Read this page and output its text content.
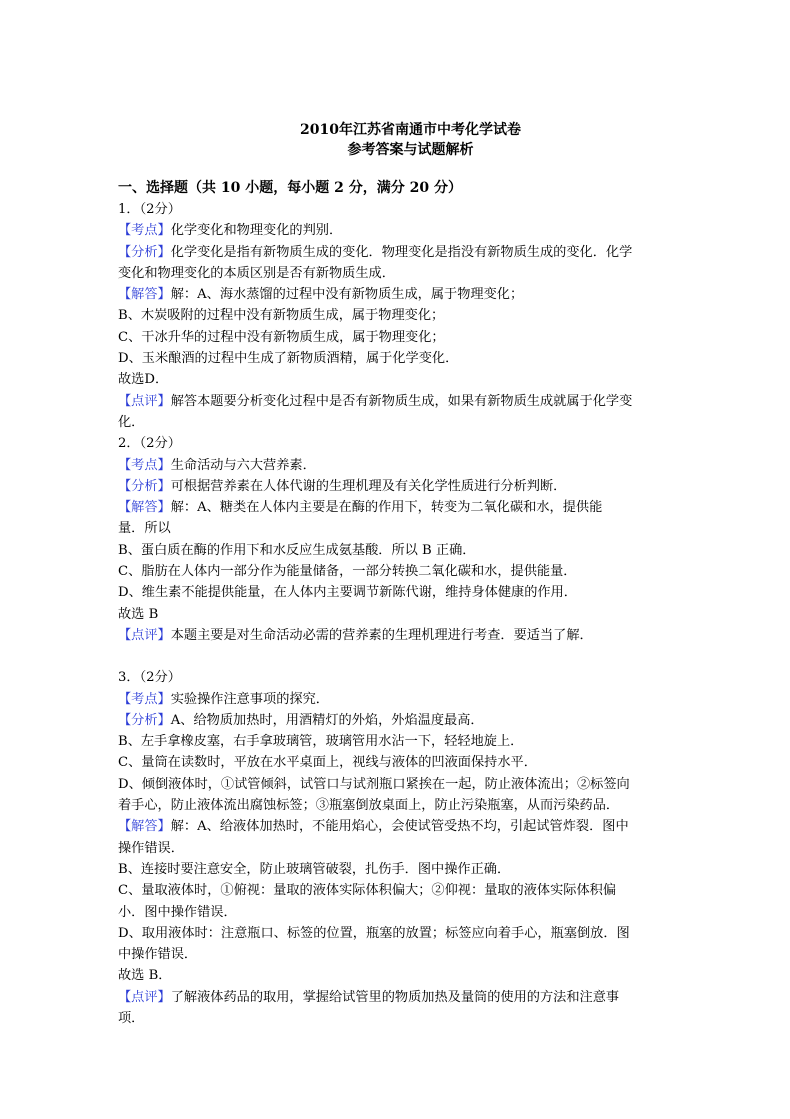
2010年江苏省南通市中考化学试卷

参考答案与试题解析

一、选择题（共 10 小题，每小题 2 分，满分 20 分）

1．（2分）

【考点】化学变化和物理变化的判别．

【分析】化学变化是指有新物质生成的变化．物理变化是指没有新物质生成的变化．化学

变化和物理变化的本质区别是否有新物质生成．

【解答】解：A、海水蒸馏的过程中没有新物质生成，属于物理变化；

B、木炭吸附的过程中没有新物质生成，属于物理变化；

C、干冰升华的过程中没有新物质生成，属于物理变化；

D、玉米酿酒的过程中生成了新物质酒精，属于化学变化．

故选D．

【点评】解答本题要分析变化过程中是否有新物质生成，如果有新物质生成就属于化学变

化．

2．（2分）

【考点】生命活动与六大营养素．

【分析】可根据营养素在人体代谢的生理机理及有关化学性质进行分析判断．

【解答】解：A、糖类在人体内主要是在酶的作用下，转变为二氧化碳和水，提供能

量．所以

B、蛋白质在酶的作用下和水反应生成氨基酸．所以 B 正确．

C、脂肪在人体内一部分作为能量储备，一部分转换二氧化碳和水，提供能量．

D、维生素不能提供能量，在人体内主要调节新陈代谢，维持身体健康的作用．

故选 B

【点评】本题主要是对生命活动必需的营养素的生理机理进行考查．要适当了解．

3．（2分）

【考点】实验操作注意事项的探究．

【分析】A、给物质加热时，用酒精灯的外焰，外焰温度最高．

B、左手拿橡皮塞，右手拿玻璃管，玻璃管用水沾一下，轻轻地旋上．

C、量筒在读数时，平放在水平桌面上，视线与液体的凹液面保持水平．

D、倾倒液体时，①试管倾斜，试管口与试剂瓶口紧挨在一起，防止液体流出；②标签向

着手心，防止液体流出腐蚀标签；③瓶塞倒放桌面上，防止污染瓶塞，从而污染药品．

【解答】解：A、给液体加热时，不能用焰心，会使试管受热不均，引起试管炸裂．图中

操作错误．

B、连接时要注意安全，防止玻璃管破裂，扎伤手．图中操作正确．

C、量取液体时，①俯视：量取的液体实际体积偏大；②仰视：量取的液体实际体积偏

小．图中操作错误．

D、取用液体时：注意瓶口、标签的位置，瓶塞的放置；标签应向着手心，瓶塞倒放．图

中操作错误．

故选 B．

【点评】了解液体药品的取用，掌握给试管里的物质加热及量筒的使用的方法和注意事

项．
